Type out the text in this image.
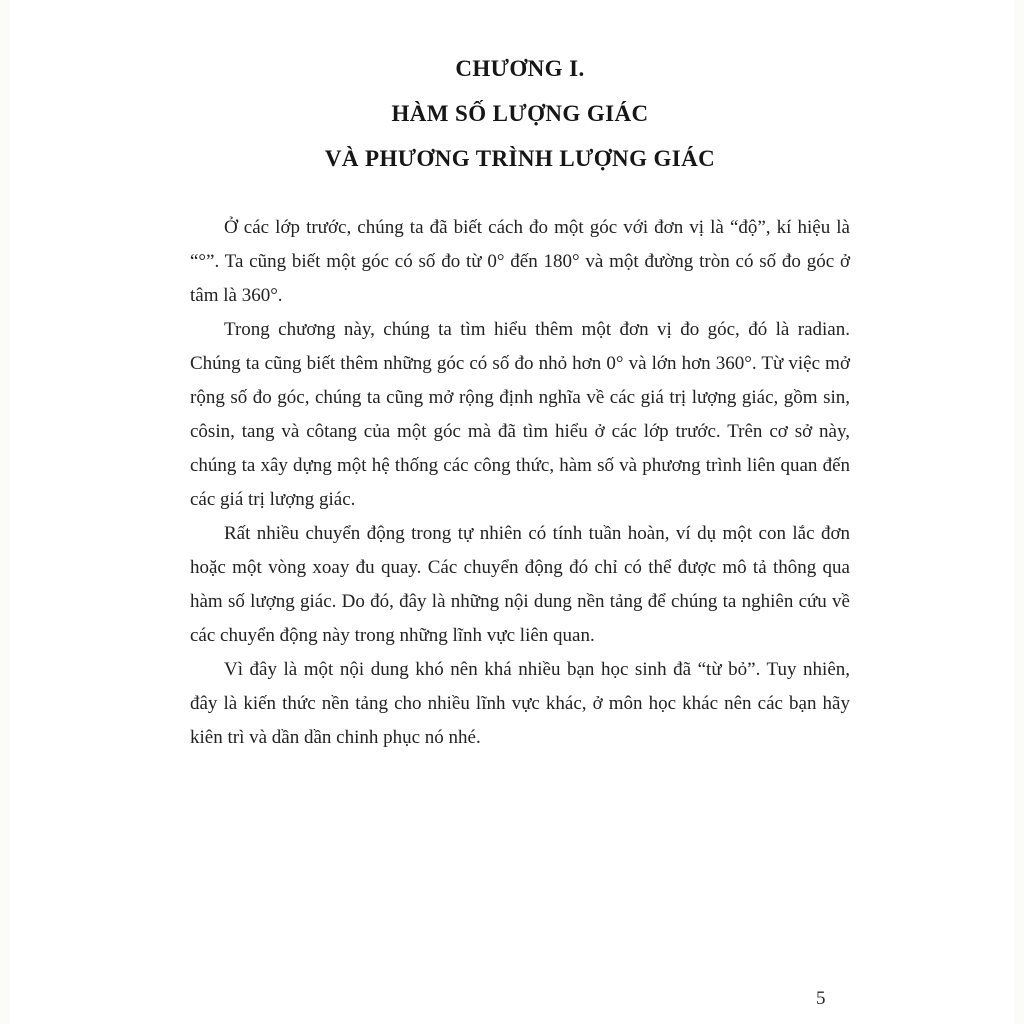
CHƯƠNG I.
HÀM SỐ LƯỢNG GIÁC
VÀ PHƯƠNG TRÌNH LƯỢNG GIÁC

Ở các lớp trước, chúng ta đã biết cách đo một góc với đơn vị là “độ”, kí hiệu là “°”. Ta cũng biết một góc có số đo từ 0° đến 180° và một đường tròn có số đo góc ở tâm là 360°.

Trong chương này, chúng ta tìm hiểu thêm một đơn vị đo góc, đó là radian. Chúng ta cũng biết thêm những góc có số đo nhỏ hơn 0° và lớn hơn 360°. Từ việc mở rộng số đo góc, chúng ta cũng mở rộng định nghĩa về các giá trị lượng giác, gồm sin, côsin, tang và côtang của một góc mà đã tìm hiểu ở các lớp trước. Trên cơ sở này, chúng ta xây dựng một hệ thống các công thức, hàm số và phương trình liên quan đến các giá trị lượng giác.

Rất nhiều chuyển động trong tự nhiên có tính tuần hoàn, ví dụ một con lắc đơn hoặc một vòng xoay đu quay. Các chuyển động đó chỉ có thể được mô tả thông qua hàm số lượng giác. Do đó, đây là những nội dung nền tảng để chúng ta nghiên cứu về các chuyển động này trong những lĩnh vực liên quan.

Vì đây là một nội dung khó nên khá nhiều bạn học sinh đã “từ bỏ”. Tuy nhiên, đây là kiến thức nền tảng cho nhiều lĩnh vực khác, ở môn học khác nên các bạn hãy kiên trì và dần dần chinh phục nó nhé.

5
